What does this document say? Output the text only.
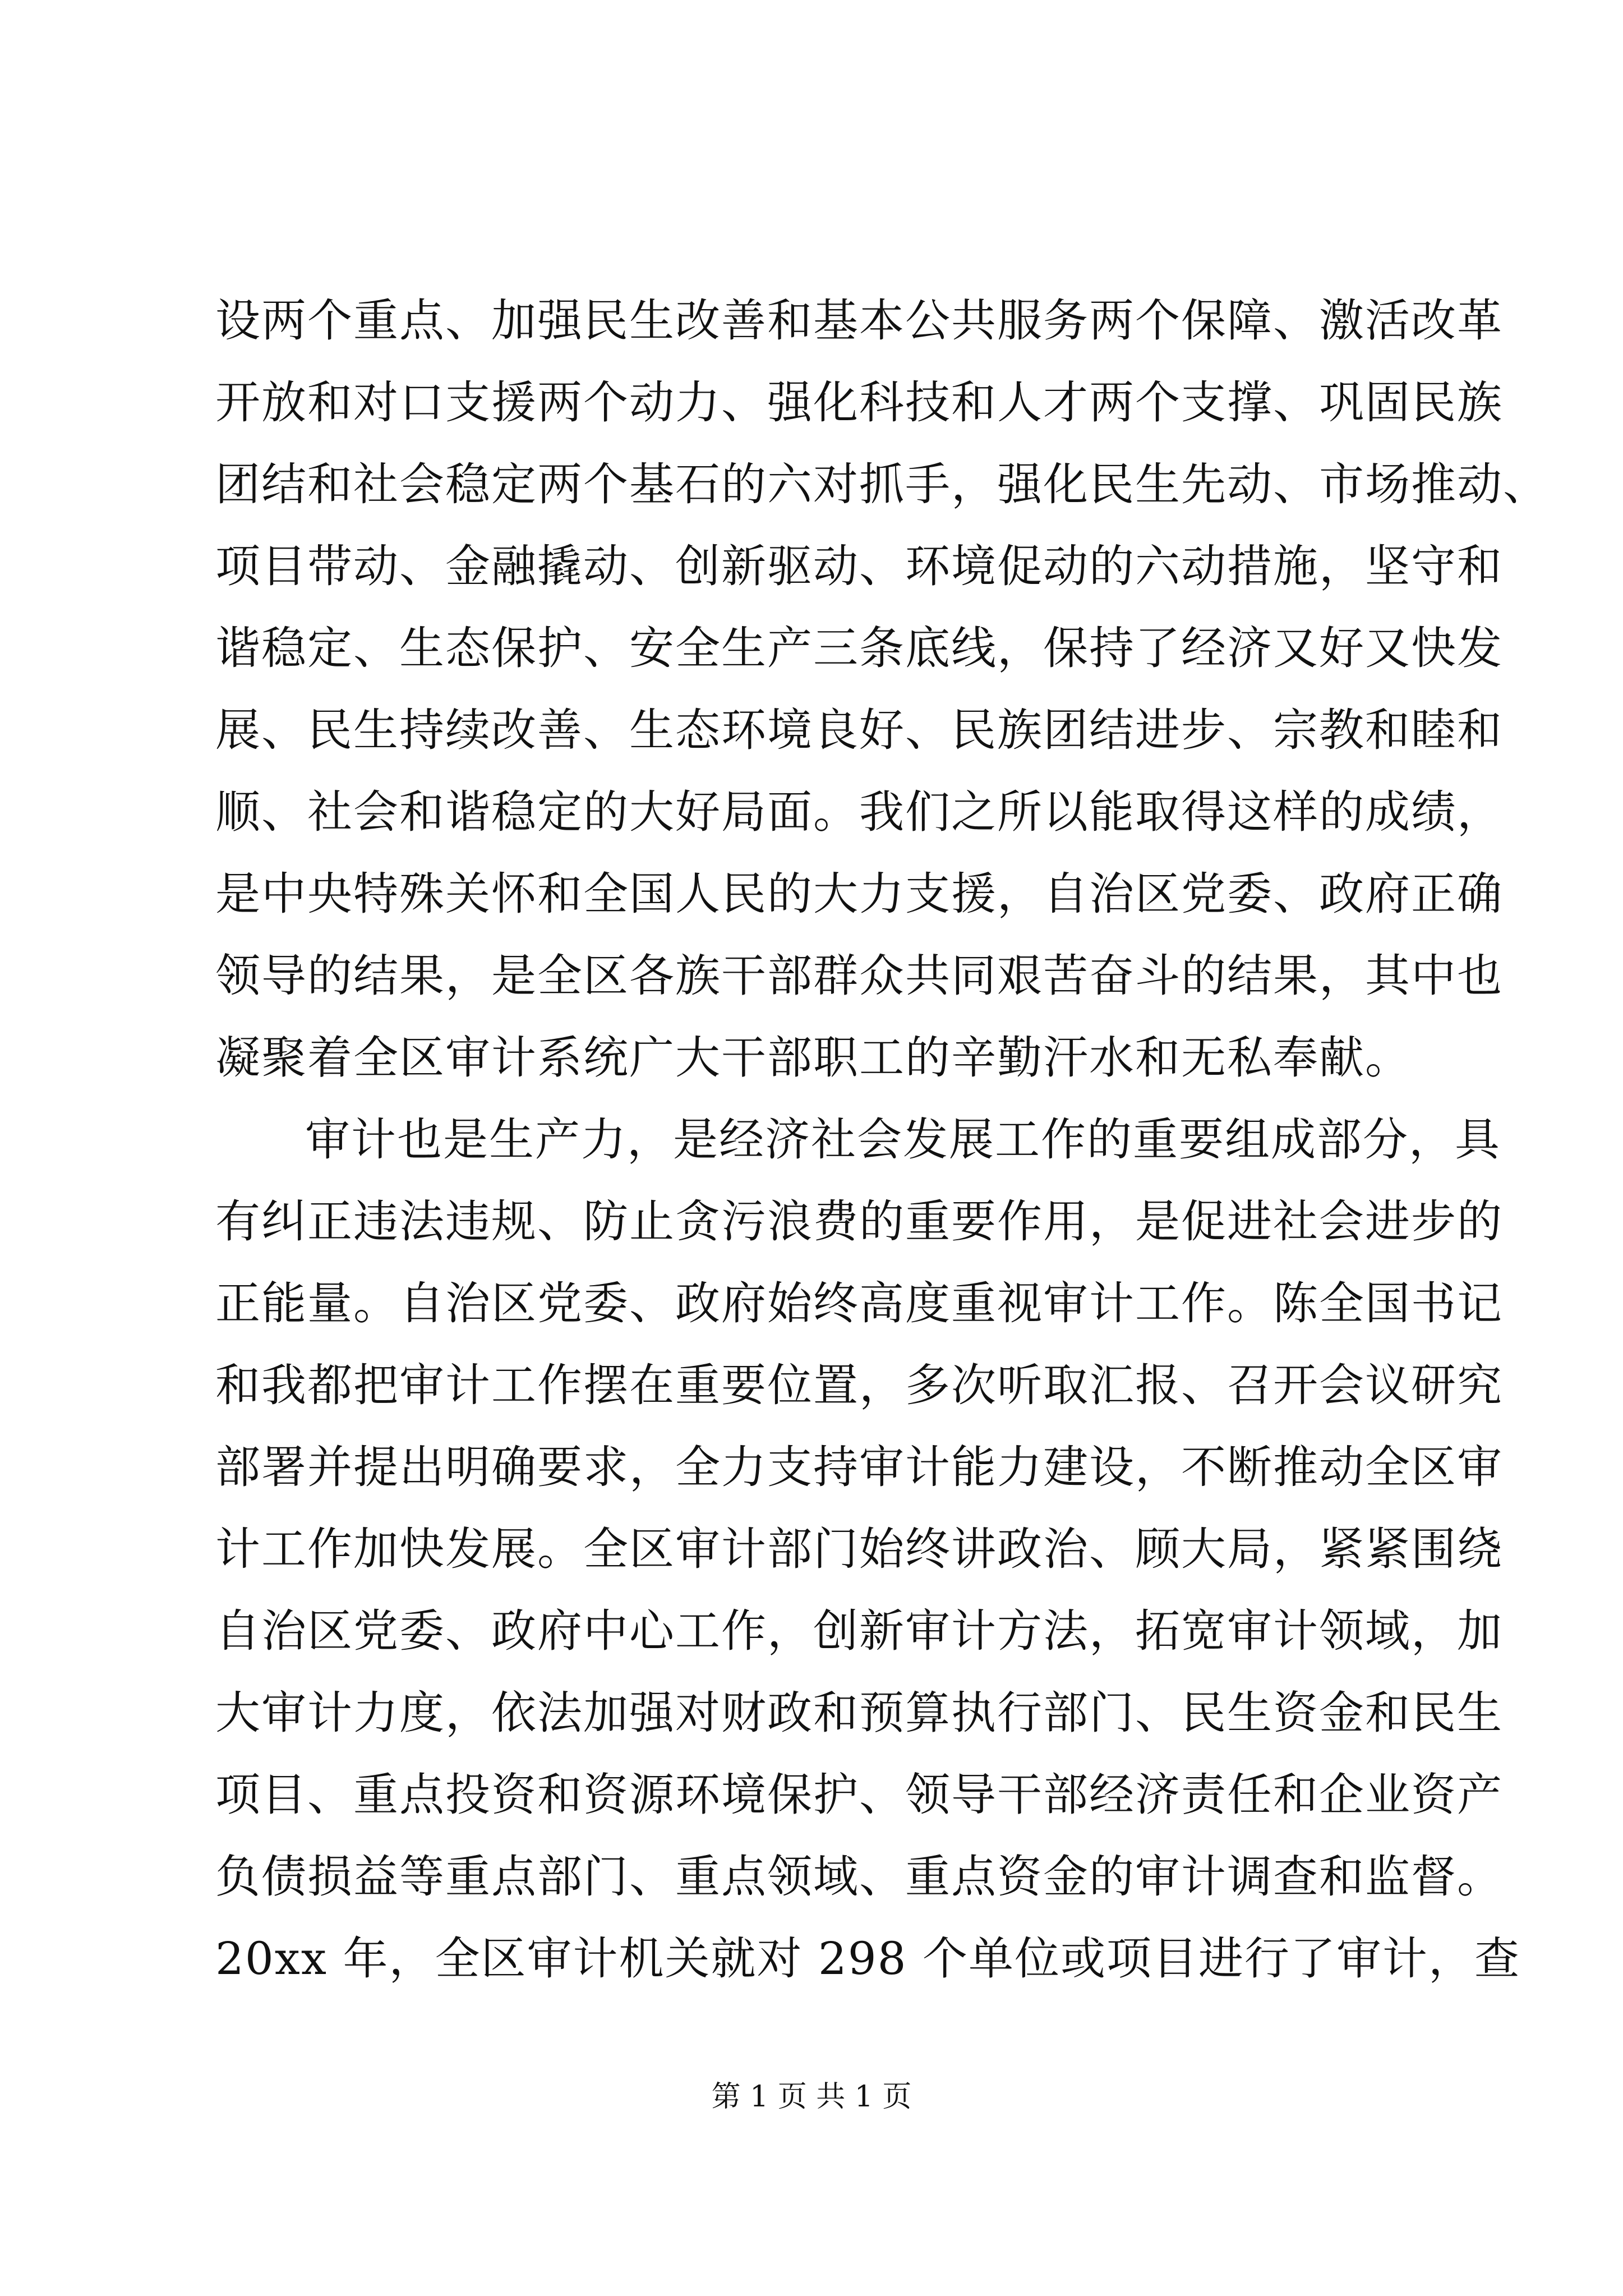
设两个重点、加强民生改善和基本公共服务两个保障、激活改革
开放和对口支援两个动力、强化科技和人才两个支撑、巩固民族
团结和社会稳定两个基石的六对抓手，强化民生先动、市场推动、
项目带动、金融撬动、创新驱动、环境促动的六动措施，坚守和
谐稳定、生态保护、安全生产三条底线，保持了经济又好又快发
展、民生持续改善、生态环境良好、民族团结进步、宗教和睦和
顺、社会和谐稳定的大好局面。我们之所以能取得这样的成绩，
是中央特殊关怀和全国人民的大力支援，自治区党委、政府正确
领导的结果，是全区各族干部群众共同艰苦奋斗的结果，其中也
凝聚着全区审计系统广大干部职工的辛勤汗水和无私奉献。
审计也是生产力，是经济社会发展工作的重要组成部分，具
有纠正违法违规、防止贪污浪费的重要作用，是促进社会进步的
正能量。自治区党委、政府始终高度重视审计工作。陈全国书记
和我都把审计工作摆在重要位置，多次听取汇报、召开会议研究
部署并提出明确要求，全力支持审计能力建设，不断推动全区审
计工作加快发展。全区审计部门始终讲政治、顾大局，紧紧围绕
自治区党委、政府中心工作，创新审计方法，拓宽审计领域，加
大审计力度，依法加强对财政和预算执行部门、民生资金和民生
项目、重点投资和资源环境保护、领导干部经济责任和企业资产
负债损益等重点部门、重点领域、重点资金的审计调查和监督。
20xx 年，全区审计机关就对 298 个单位或项目进行了审计，查
第 1 页 共 1 页
